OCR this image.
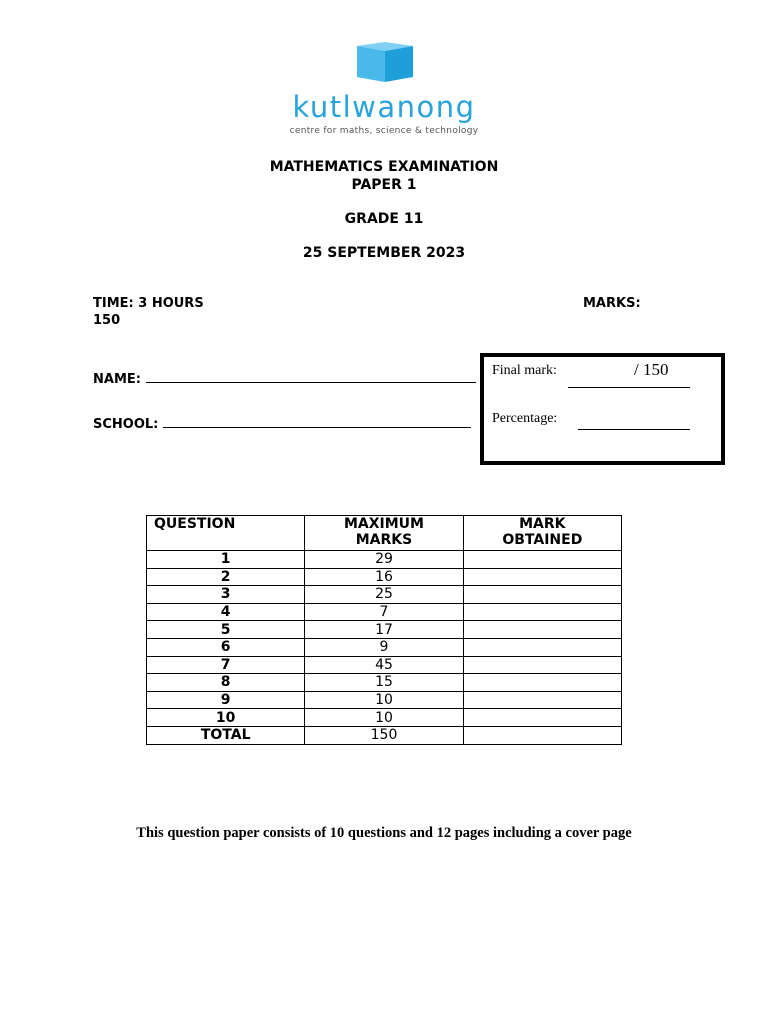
kutlwanong
centre for maths, science & technology
MATHEMATICS EXAMINATION
PAPER 1
GRADE 11
25 SEPTEMBER 2023
TIME: 3 HOURS	MARKS:
150
NAME:
SCHOOL:
Final mark:	/ 150
Percentage:
QUESTION	MAXIMUM MARKS	MARK OBTAINED

1	29	
2	16	
3	25	
4	7	
5	17	
6	9	
7	45	
8	15	
9	10	
10	10	
TOTAL	150	
This question paper consists of 10 questions and 12 pages including a cover page
